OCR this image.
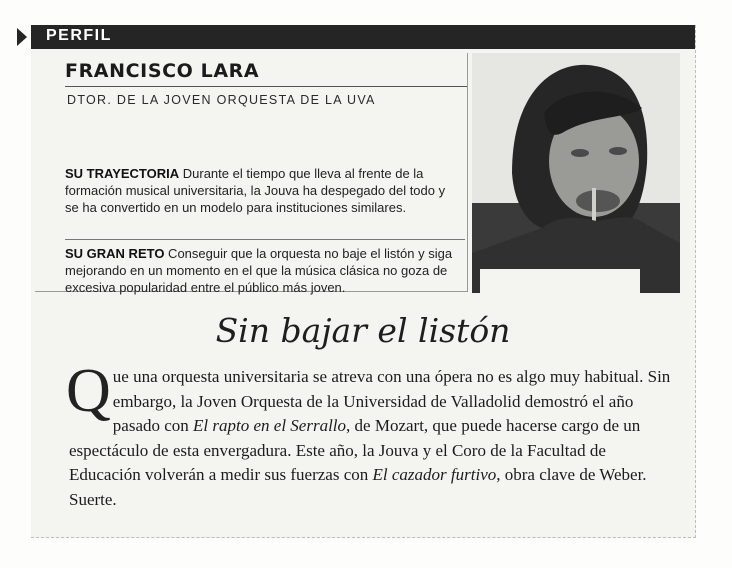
PERFIL
FRANCISCO LARA
DTOR. DE LA JOVEN ORQUESTA DE LA UVA
SU TRAYECTORIA Durante el tiempo que lleva al frente de la formación musical universitaria, la Jouva ha despegado del todo y se ha convertido en un modelo para instituciones similares.
SU GRAN RETO Conseguir que la orquesta no baje el listón y siga mejorando en un momento en el que la música clásica no goza de excesiva popularidad entre el público más joven.
Sin bajar el listón
Que una orquesta universitaria se atreva con una ópera no es algo muy habitual. Sin embargo, la Joven Orquesta de la Universidad de Valladolid demostró el año pasado con El rapto en el Serrallo, de Mozart, que puede hacerse cargo de un espectáculo de esta envergadura. Este año, la Jouva y el Coro de la Facultad de Educación volverán a medir sus fuerzas con El cazador furtivo, obra clave de Weber. Suerte.
